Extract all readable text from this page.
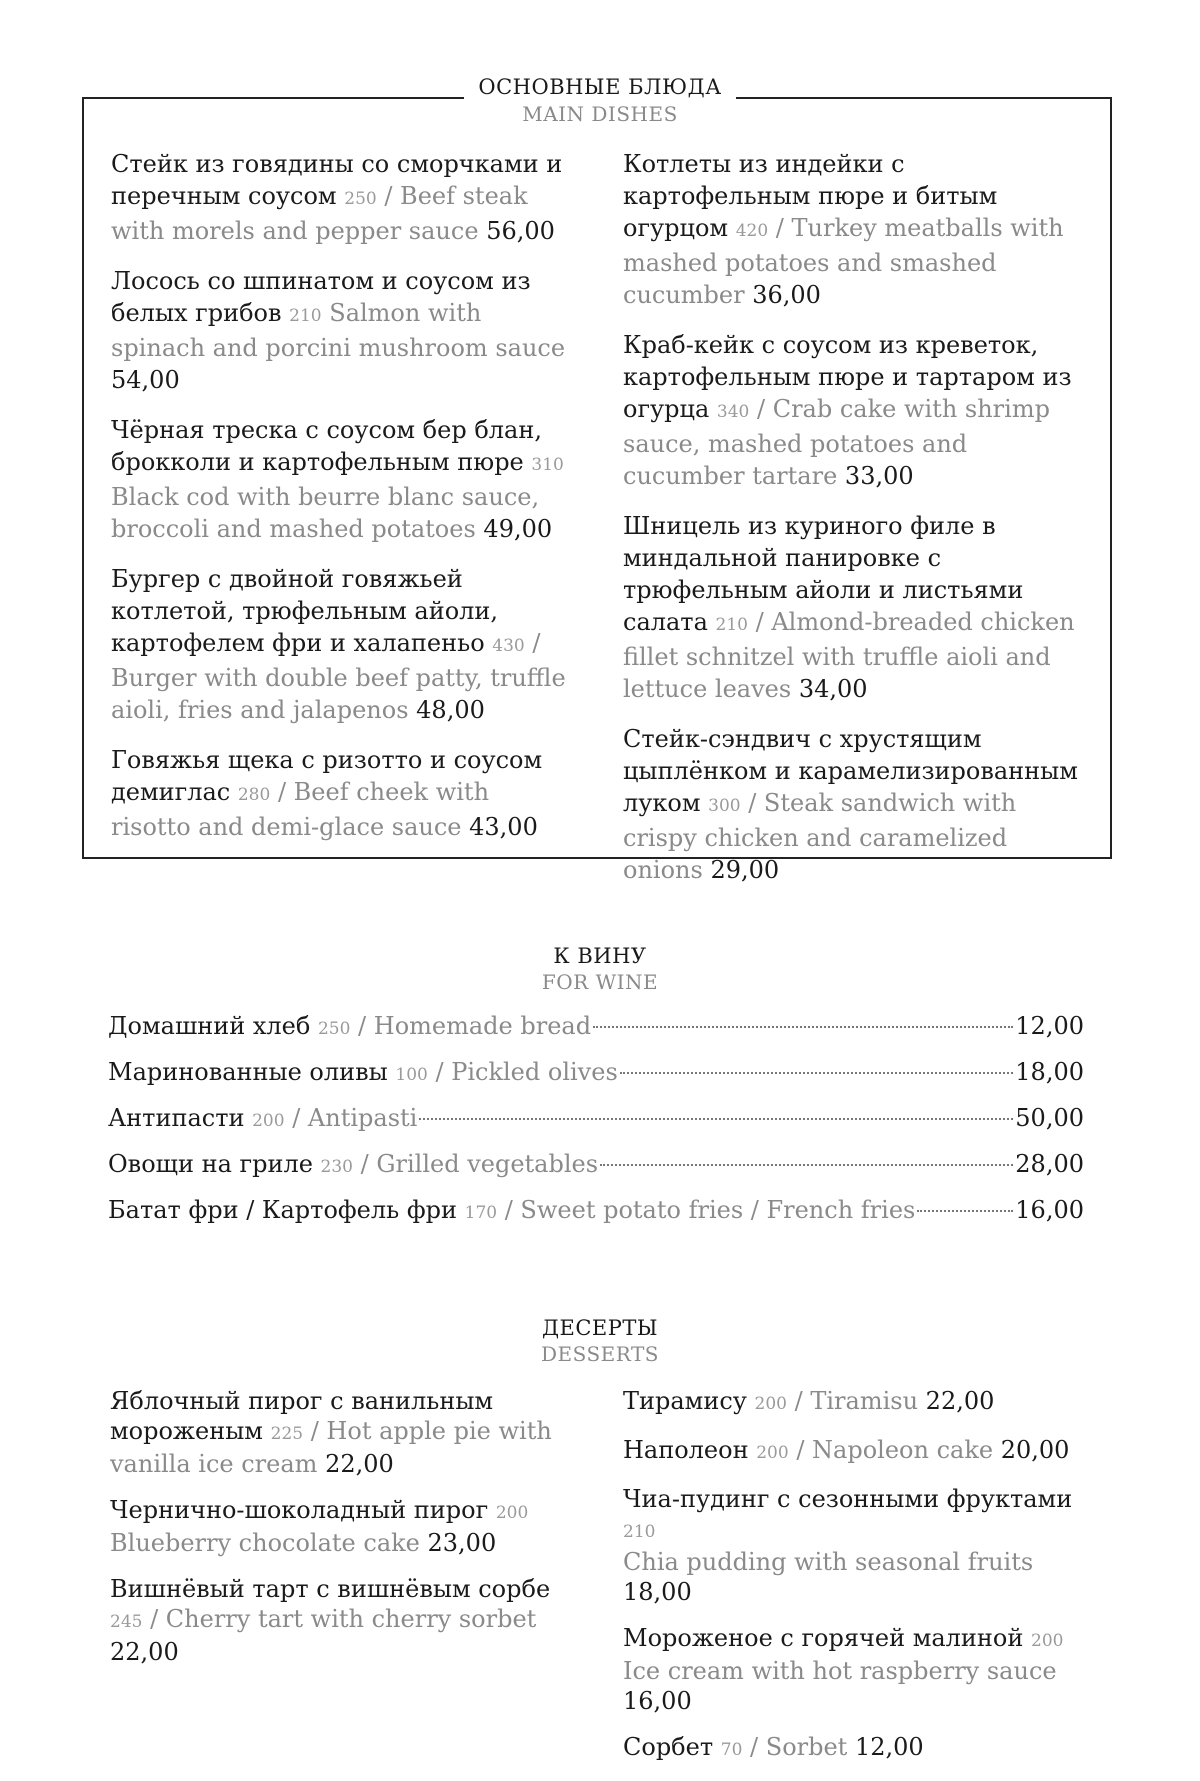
ОСНОВНЫЕ БЛЮДА
MAIN DISHES
Стейк из говядины со сморчками и перечным соусом 250 / Beef steak with morels and pepper sauce 56,00
Лосось со шпинатом и соусом из белых грибов 210 Salmon with spinach and porcini mushroom sauce 54,00
Чёрная треска с соусом бер блан, брокколи и картофельным пюре 310 Black cod with beurre blanc sauce, broccoli and mashed potatoes 49,00
Бургер с двойной говяжьей котлетой, трюфельным айоли, картофелем фри и халапеньо 430 / Burger with double beef patty, truffle aioli, fries and jalapenos 48,00
Говяжья щека с ризотто и соусом демиглас 280 / Beef cheek with risotto and demi-glace sauce 43,00
Котлеты из индейки с картофельным пюре и битым огурцом 420 / Turkey meatballs with mashed potatoes and smashed cucumber 36,00
Краб-кейк с соусом из креветок, картофельным пюре и тартаром из огурца 340 / Crab cake with shrimp sauce, mashed potatoes and cucumber tartare 33,00
Шницель из куриного филе в миндальной панировке с трюфельным айоли и листьями салата 210 / Almond-breaded chicken fillet schnitzel with truffle aioli and lettuce leaves 34,00
Стейк-сэндвич с хрустящим цыплёнком и карамелизированным луком 300 / Steak sandwich with crispy chicken and caramelized onions 29,00
К ВИНУ
FOR WINE
Домашний хлеб 250 / Homemade bread	12,00
Маринованные оливы 100 / Pickled olives	18,00
Антипасти 200 / Antipasti	50,00
Овощи на гриле 230 / Grilled vegetables	28,00
Батат фри / Картофель фри 170 / Sweet potato fries / French fries	16,00
ДЕСЕРТЫ
DESSERTS
Яблочный пирог с ванильным мороженым 225 / Hot apple pie with vanilla ice cream 22,00
Чернично-шоколадный пирог 200
Blueberry chocolate cake 23,00
Вишнёвый тарт с вишнёвым сорбе 245 / Cherry tart with cherry sorbet 22,00
Тирамису 200 / Tiramisu 22,00
Наполеон 200 / Napoleon cake 20,00
Чиа-пудинг с сезонными фруктами 210
Chia pudding with seasonal fruits 18,00
Мороженое с горячей малиной 200
Ice cream with hot raspberry sauce 16,00
Сорбет 70 / Sorbet 12,00
